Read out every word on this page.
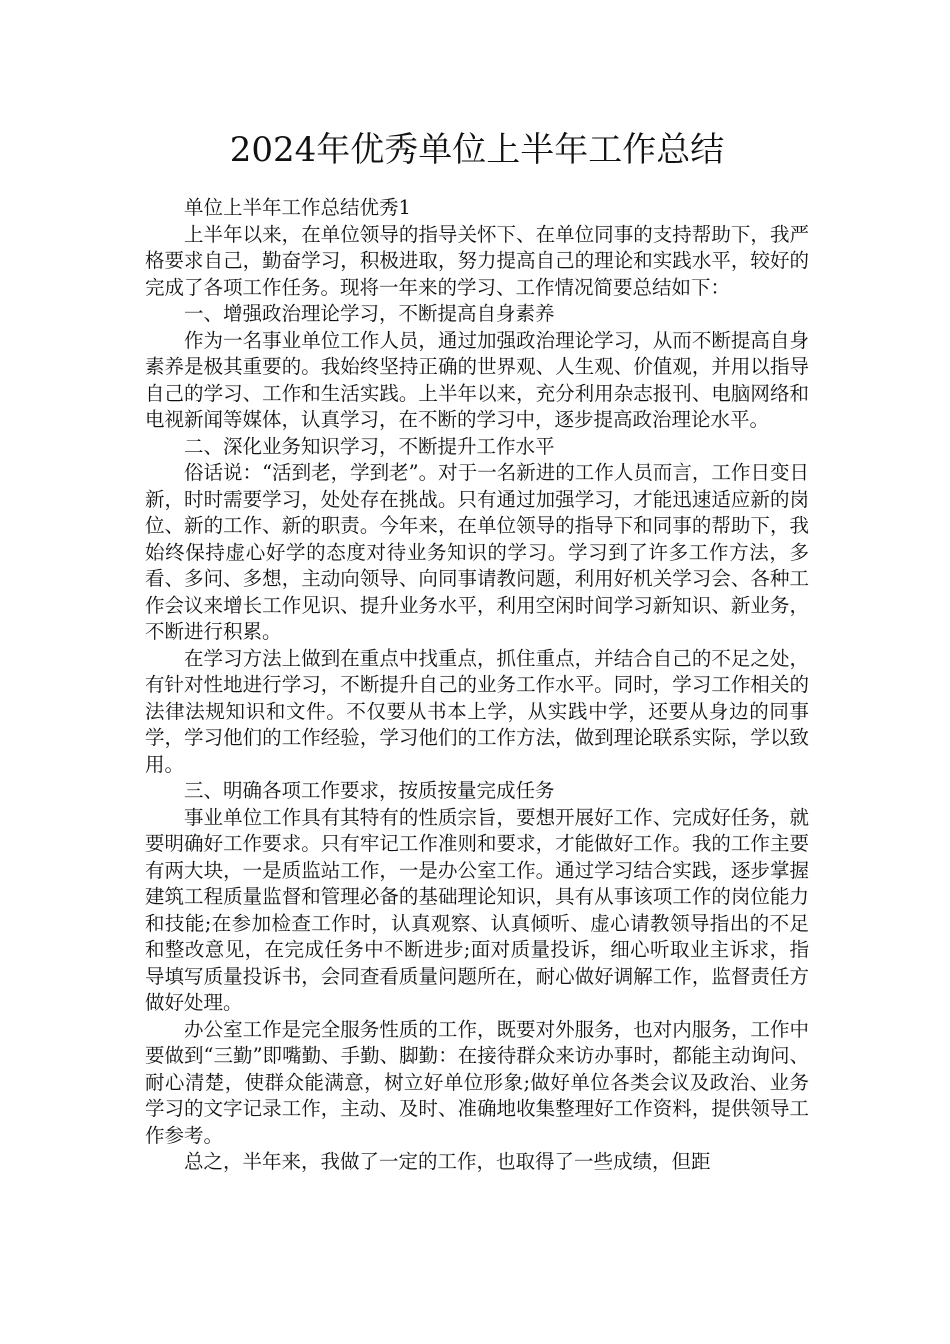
2024年优秀单位上半年工作总结

单位上半年工作总结优秀1

上半年以来，在单位领导的指导关怀下、在单位同事的支持帮助下，我严格要求自己，勤奋学习，积极进取，努力提高自己的理论和实践水平，较好的完成了各项工作任务。现将一年来的学习、工作情况简要总结如下：

一、增强政治理论学习，不断提高自身素养

作为一名事业单位工作人员，通过加强政治理论学习，从而不断提高自身素养是极其重要的。我始终坚持正确的世界观、人生观、价值观，并用以指导自己的学习、工作和生活实践。上半年以来，充分利用杂志报刊、电脑网络和电视新闻等媒体，认真学习，在不断的学习中，逐步提高政治理论水平。

二、深化业务知识学习，不断提升工作水平

俗话说：“活到老，学到老”。对于一名新进的工作人员而言，工作日变日新，时时需要学习，处处存在挑战。只有通过加强学习，才能迅速适应新的岗位、新的工作、新的职责。今年来，在单位领导的指导下和同事的帮助下，我始终保持虚心好学的态度对待业务知识的学习。学习到了许多工作方法，多看、多问、多想，主动向领导、向同事请教问题，利用好机关学习会、各种工作会议来增长工作见识、提升业务水平，利用空闲时间学习新知识、新业务，不断进行积累。

在学习方法上做到在重点中找重点，抓住重点，并结合自己的不足之处，有针对性地进行学习，不断提升自己的业务工作水平。同时，学习工作相关的法律法规知识和文件。不仅要从书本上学，从实践中学，还要从身边的同事学，学习他们的工作经验，学习他们的工作方法，做到理论联系实际，学以致用。

三、明确各项工作要求，按质按量完成任务

事业单位工作具有其特有的性质宗旨，要想开展好工作、完成好任务，就要明确好工作要求。只有牢记工作准则和要求，才能做好工作。我的工作主要有两大块，一是质监站工作，一是办公室工作。通过学习结合实践，逐步掌握建筑工程质量监督和管理必备的基础理论知识，具有从事该项工作的岗位能力和技能;在参加检查工作时，认真观察、认真倾听、虚心请教领导指出的不足和整改意见，在完成任务中不断进步;面对质量投诉，细心听取业主诉求，指导填写质量投诉书，会同查看质量问题所在，耐心做好调解工作，监督责任方做好处理。

办公室工作是完全服务性质的工作，既要对外服务，也对内服务，工作中要做到“三勤”即嘴勤、手勤、脚勤：在接待群众来访办事时，都能主动询问、耐心清楚，使群众能满意，树立好单位形象;做好单位各类会议及政治、业务学习的文字记录工作，主动、及时、准确地收集整理好工作资料，提供领导工作参考。

总之，半年来，我做了一定的工作，也取得了一些成绩，但距
